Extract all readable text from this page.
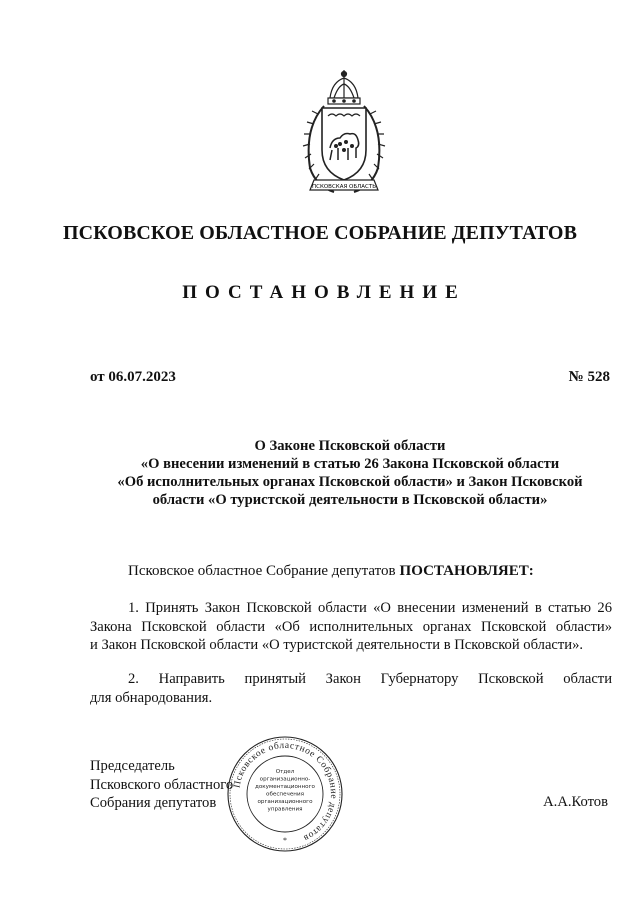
ПСКОВСКАЯ ОБЛАСТЬ
ПСКОВСКОЕ ОБЛАСТНОЕ СОБРАНИЕ ДЕПУТАТОВ
ПОСТАНОВЛЕНИЕ
от 06.07.2023	№ 528
О Законе Псковской области
«О внесении изменений в статью 26 Закона Псковской области
«Об исполнительных органах Псковской области» и Закон Псковской
области «О туристской деятельности в Псковской области»
Псковское областное Собрание депутатов ПОСТАНОВЛЯЕТ:
1. Принять Закон Псковской области «О внесении изменений в статью 26
Закона Псковской области «Об исполнительных органах Псковской области»
и Закон Псковской области «О туристской деятельности в Псковской области».
2. Направить принятый Закон Губернатору Псковской области
для обнародования.
Председатель
Псковского областного
Собрания депутатов	А.А.Котов
Псковское областное Собрание депутатов
Отдел
организационно-
документационного
обеспечения
организационного
управления
*
